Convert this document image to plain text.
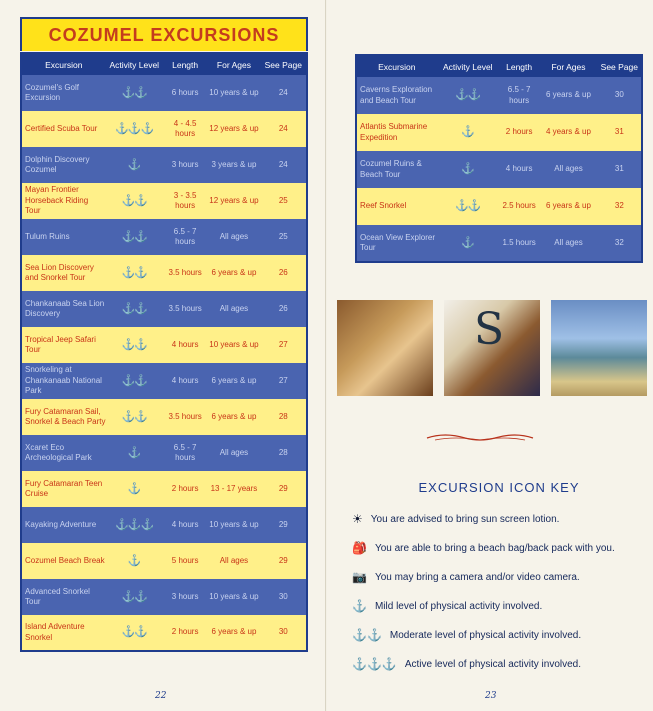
COZUMEL EXCURSIONS
Excursion	Activity Level	Length	For Ages	See Page
Cozumel's Golf Excursion	⚓⚓	6 hours	10 years & up	24
Certified Scuba Tour	⚓⚓⚓	4 - 4.5 hours	12 years & up	24
Dolphin Discovery Cozumel	⚓	3 hours	3 years & up	24
Mayan Frontier Horseback Riding Tour	⚓⚓	3 - 3.5 hours	12 years & up	25
Tulum Ruins	⚓⚓	6.5 - 7 hours	All ages	25
Sea Lion Discovery and Snorkel Tour	⚓⚓	3.5 hours	6 years & up	26
Chankanaab Sea Lion Discovery	⚓⚓	3.5 hours	All ages	26
Tropical Jeep Safari Tour	⚓⚓	4 hours	10 years & up	27
Snorkeling at Chankanaab National Park	⚓⚓	4 hours	6 years & up	27
Fury Catamaran Sail, Snorkel & Beach Party	⚓⚓	3.5 hours	6 years & up	28
Xcaret Eco Archeological Park	⚓	6.5 - 7 hours	All ages	28
Fury Catamaran Teen Cruise	⚓	2 hours	13 - 17 years	29
Kayaking Adventure	⚓⚓⚓	4 hours	10 years & up	29
Cozumel Beach Break	⚓	5 hours	All ages	29
Advanced Snorkel Tour	⚓⚓	3 hours	10 years & up	30
Island Adventure Snorkel	⚓⚓	2 hours	6 years & up	30
22
Excursion	Activity Level	Length	For Ages	See Page
Caverns Exploration and Beach Tour	⚓⚓	6.5 - 7 hours	6 years & up	30
Atlantis Submarine Expedition	⚓	2 hours	4 years & up	31
Cozumel Ruins & Beach Tour	⚓	4 hours	All ages	31
Reef Snorkel	⚓⚓	2.5 hours	6 years & up	32
Ocean View Explorer Tour	⚓	1.5 hours	All ages	32
S
EXCURSION ICON KEY
☀ You are advised to bring sun screen lotion.
🎒 You are able to bring a beach bag/back pack with you.
📷 You may bring a camera and/or video camera.
⚓ Mild level of physical activity involved.
⚓⚓ Moderate level of physical activity involved.
⚓⚓⚓ Active level of physical activity involved.
23
